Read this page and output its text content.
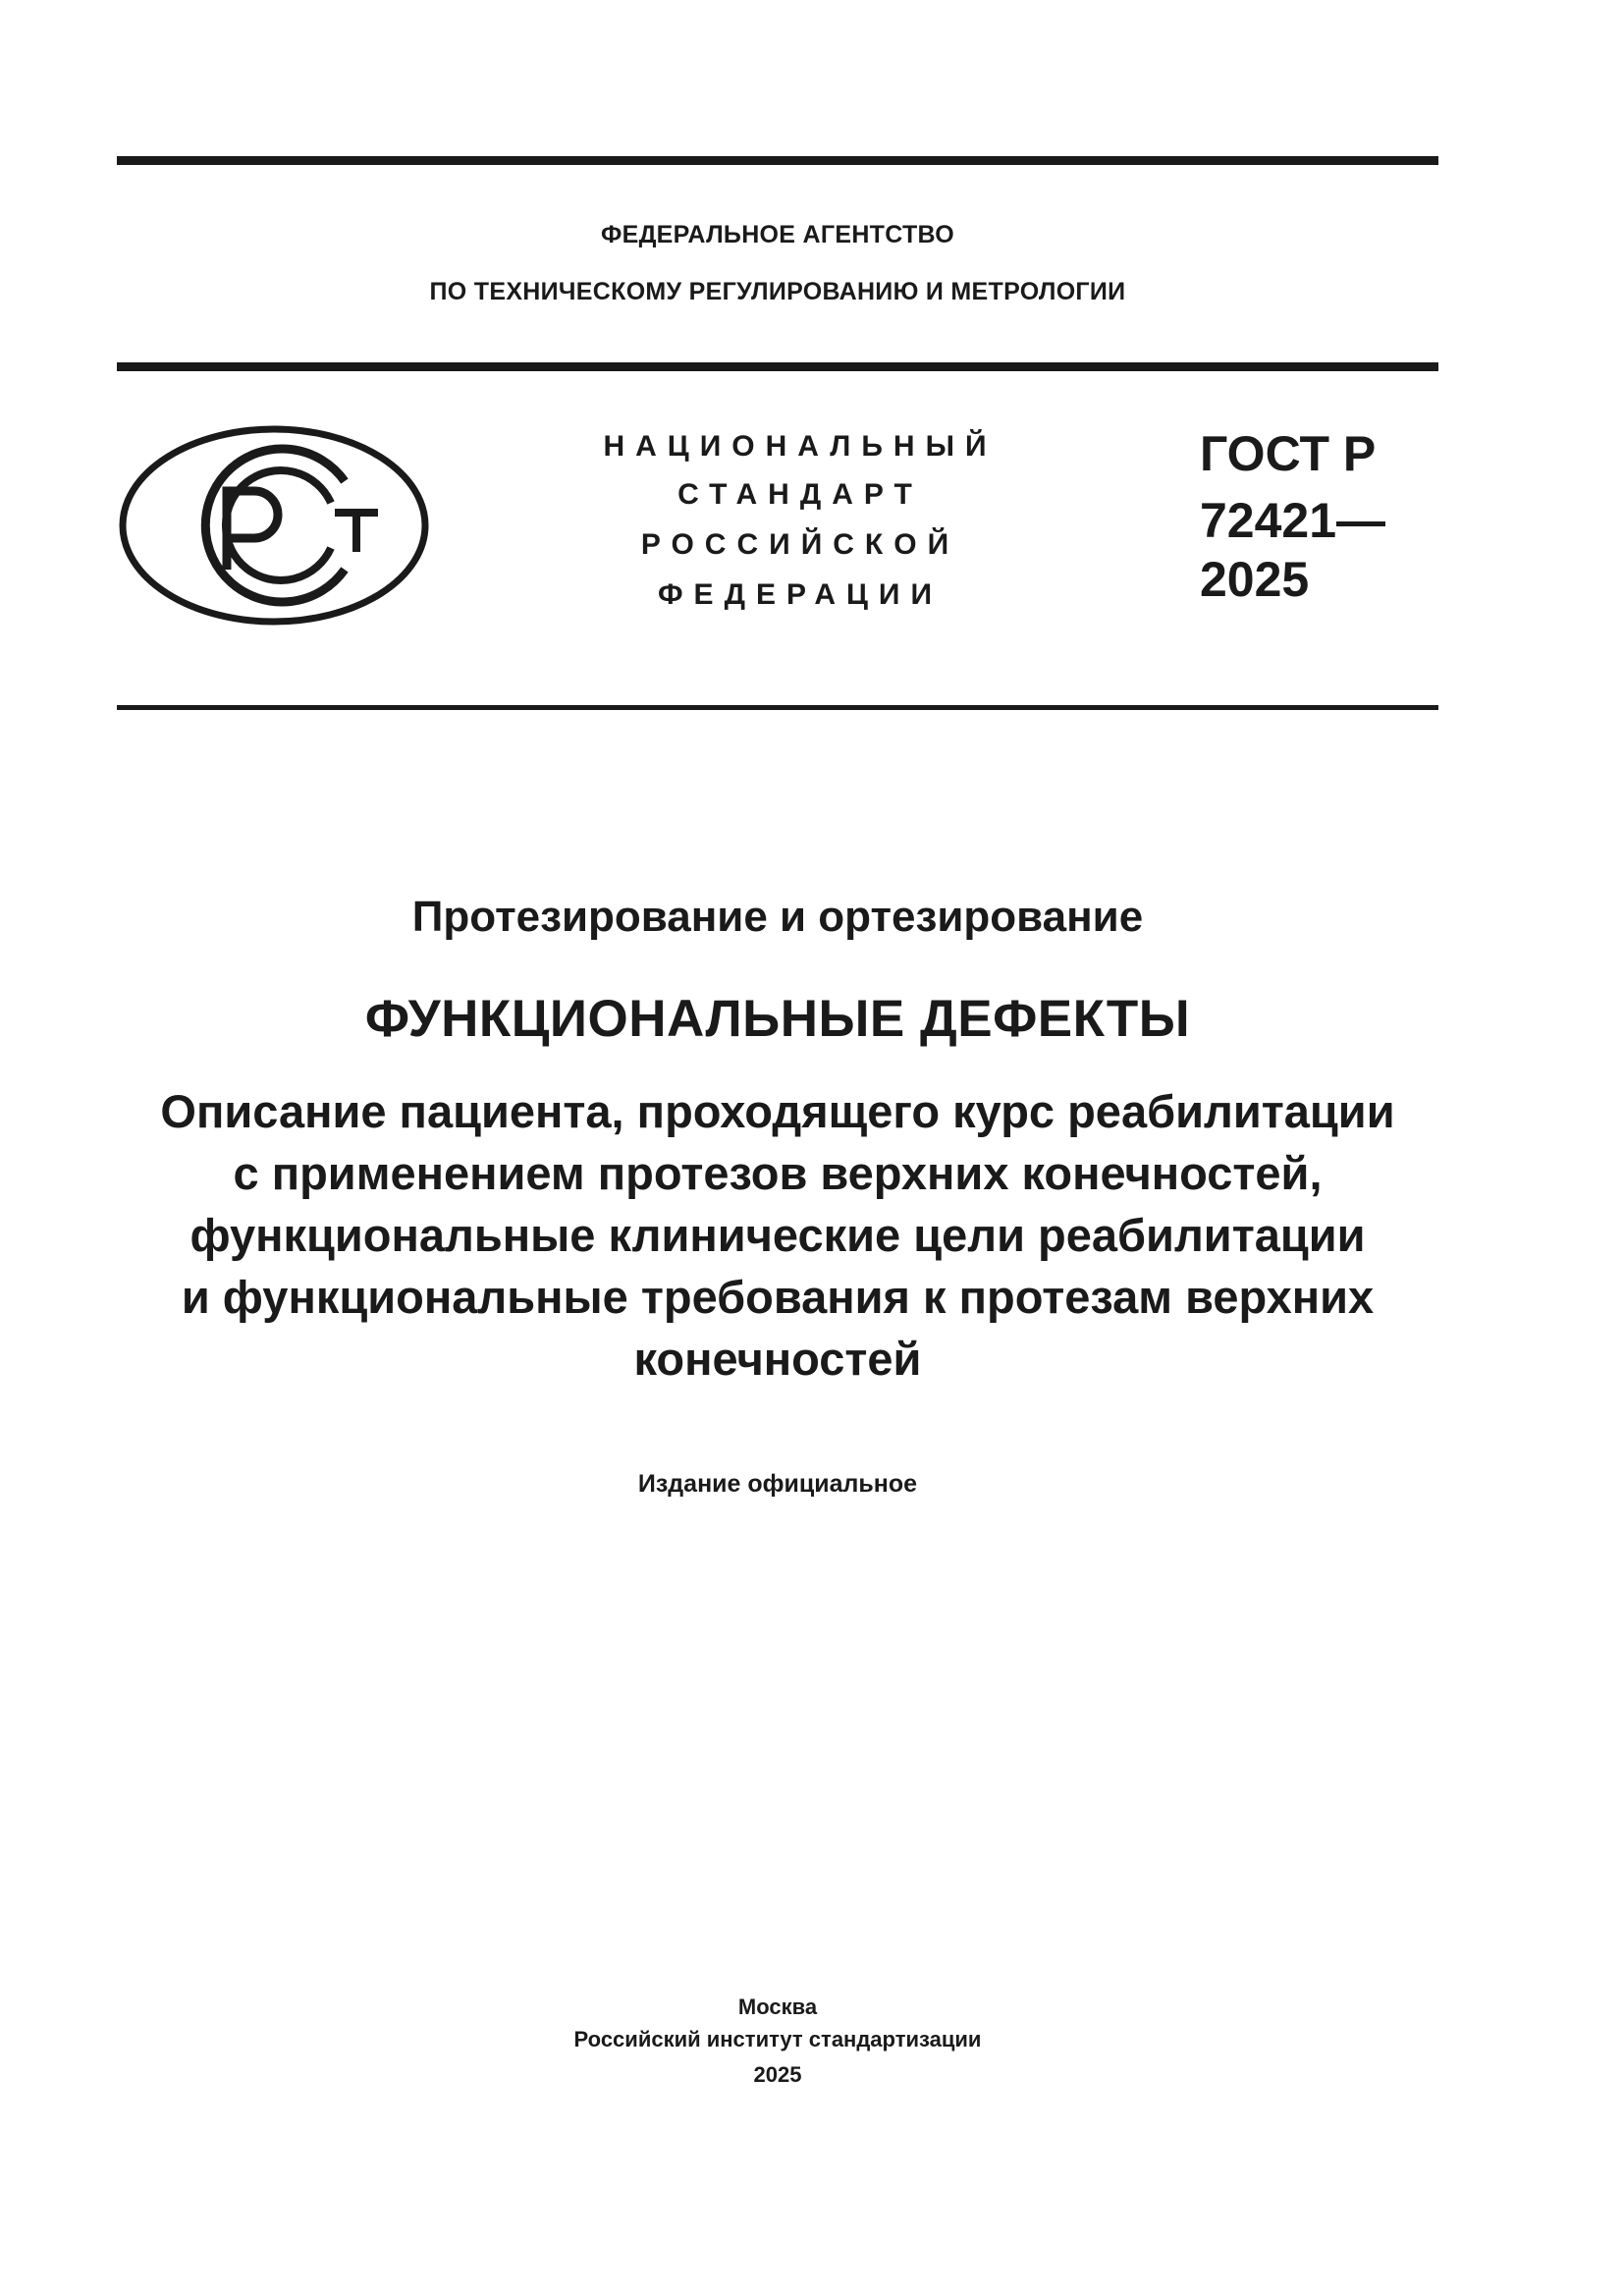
ФЕДЕРАЛЬНОЕ АГЕНТСТВО
ПО ТЕХНИЧЕСКОМУ РЕГУЛИРОВАНИЮ И МЕТРОЛОГИИ
НАЦИОНАЛЬНЫЙ
СТАНДАРТ
РОССИЙСКОЙ
ФЕДЕРАЦИИ
ГОСТ Р
72421—
2025
Протезирование и ортезирование
ФУНКЦИОНАЛЬНЫЕ ДЕФЕКТЫ
Описание пациента, проходящего курс реабилитации
с применением протезов верхних конечностей,
функциональные клинические цели реабилитации
и функциональные требования к протезам верхних
конечностей
Издание официальное
Москва
Российский институт стандартизации
2025
